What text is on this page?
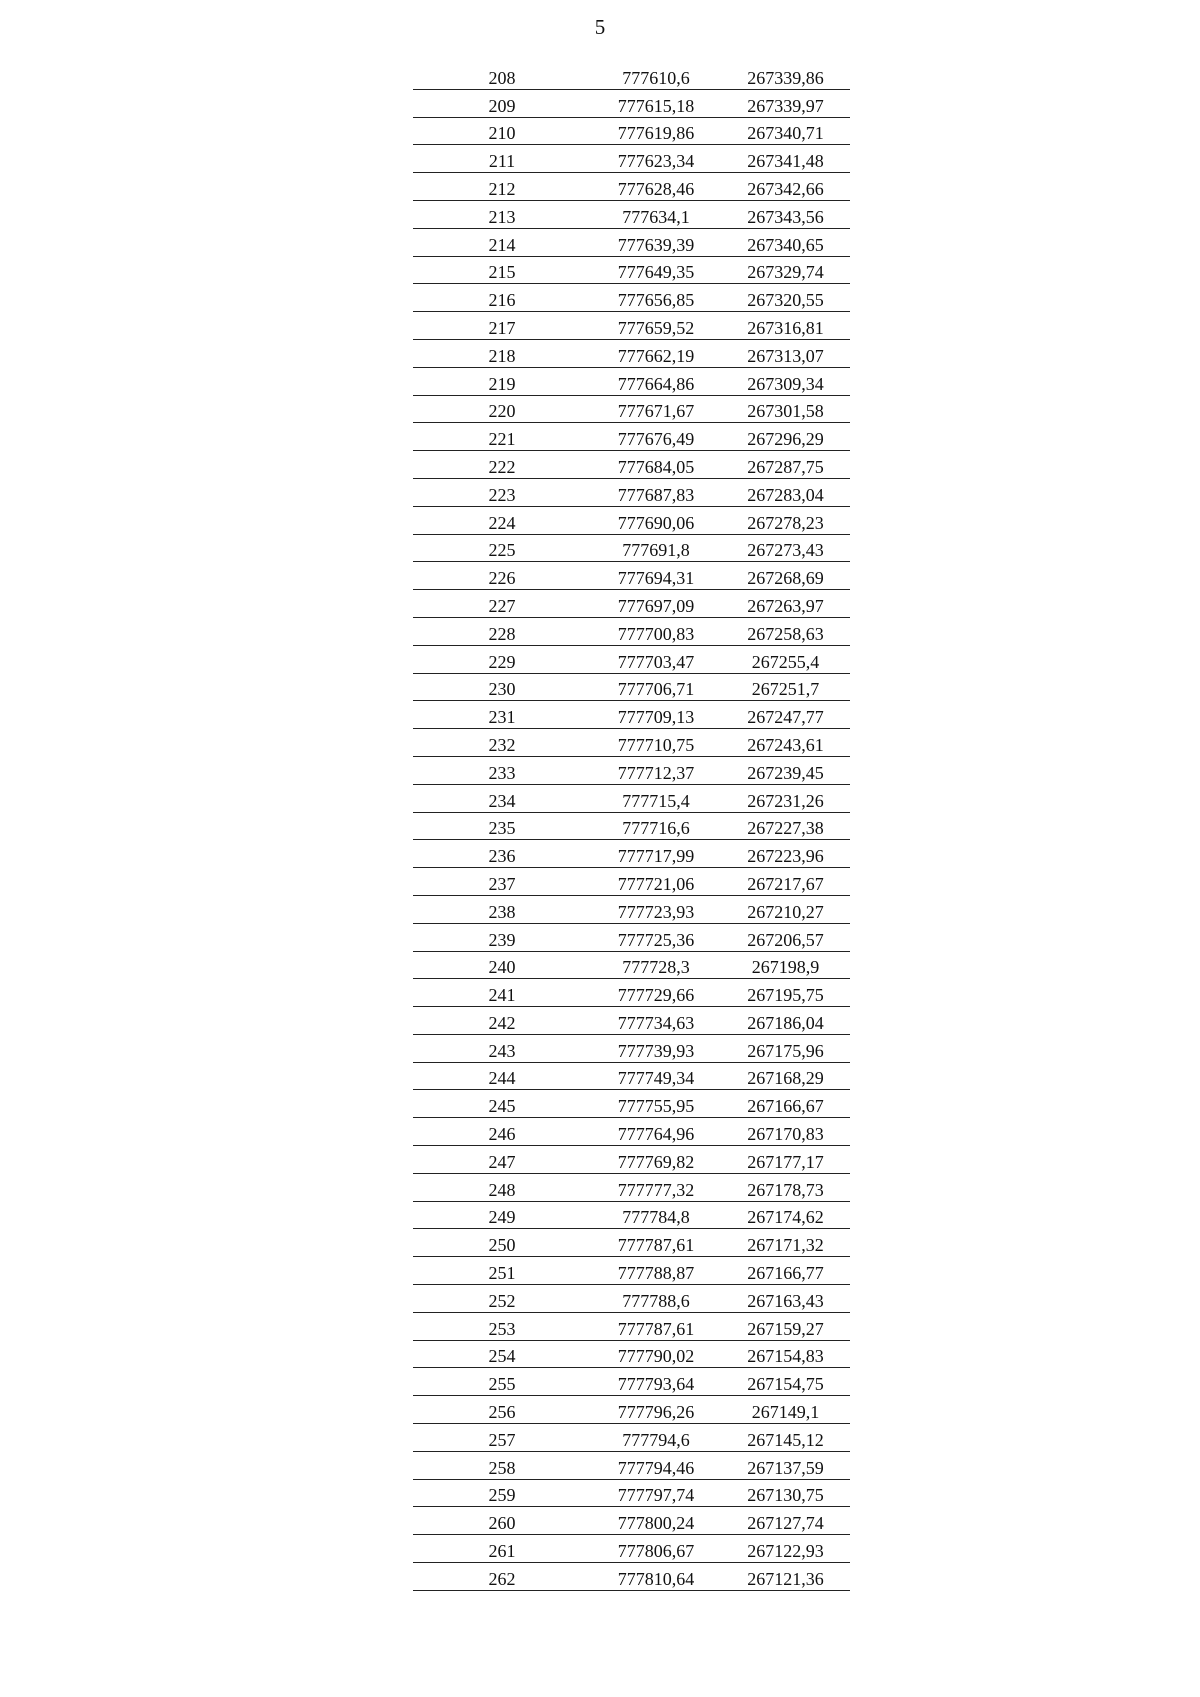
5
208	777610,6	267339,86
209	777615,18	267339,97
210	777619,86	267340,71
211	777623,34	267341,48
212	777628,46	267342,66
213	777634,1	267343,56
214	777639,39	267340,65
215	777649,35	267329,74
216	777656,85	267320,55
217	777659,52	267316,81
218	777662,19	267313,07
219	777664,86	267309,34
220	777671,67	267301,58
221	777676,49	267296,29
222	777684,05	267287,75
223	777687,83	267283,04
224	777690,06	267278,23
225	777691,8	267273,43
226	777694,31	267268,69
227	777697,09	267263,97
228	777700,83	267258,63
229	777703,47	267255,4
230	777706,71	267251,7
231	777709,13	267247,77
232	777710,75	267243,61
233	777712,37	267239,45
234	777715,4	267231,26
235	777716,6	267227,38
236	777717,99	267223,96
237	777721,06	267217,67
238	777723,93	267210,27
239	777725,36	267206,57
240	777728,3	267198,9
241	777729,66	267195,75
242	777734,63	267186,04
243	777739,93	267175,96
244	777749,34	267168,29
245	777755,95	267166,67
246	777764,96	267170,83
247	777769,82	267177,17
248	777777,32	267178,73
249	777784,8	267174,62
250	777787,61	267171,32
251	777788,87	267166,77
252	777788,6	267163,43
253	777787,61	267159,27
254	777790,02	267154,83
255	777793,64	267154,75
256	777796,26	267149,1
257	777794,6	267145,12
258	777794,46	267137,59
259	777797,74	267130,75
260	777800,24	267127,74
261	777806,67	267122,93
262	777810,64	267121,36
